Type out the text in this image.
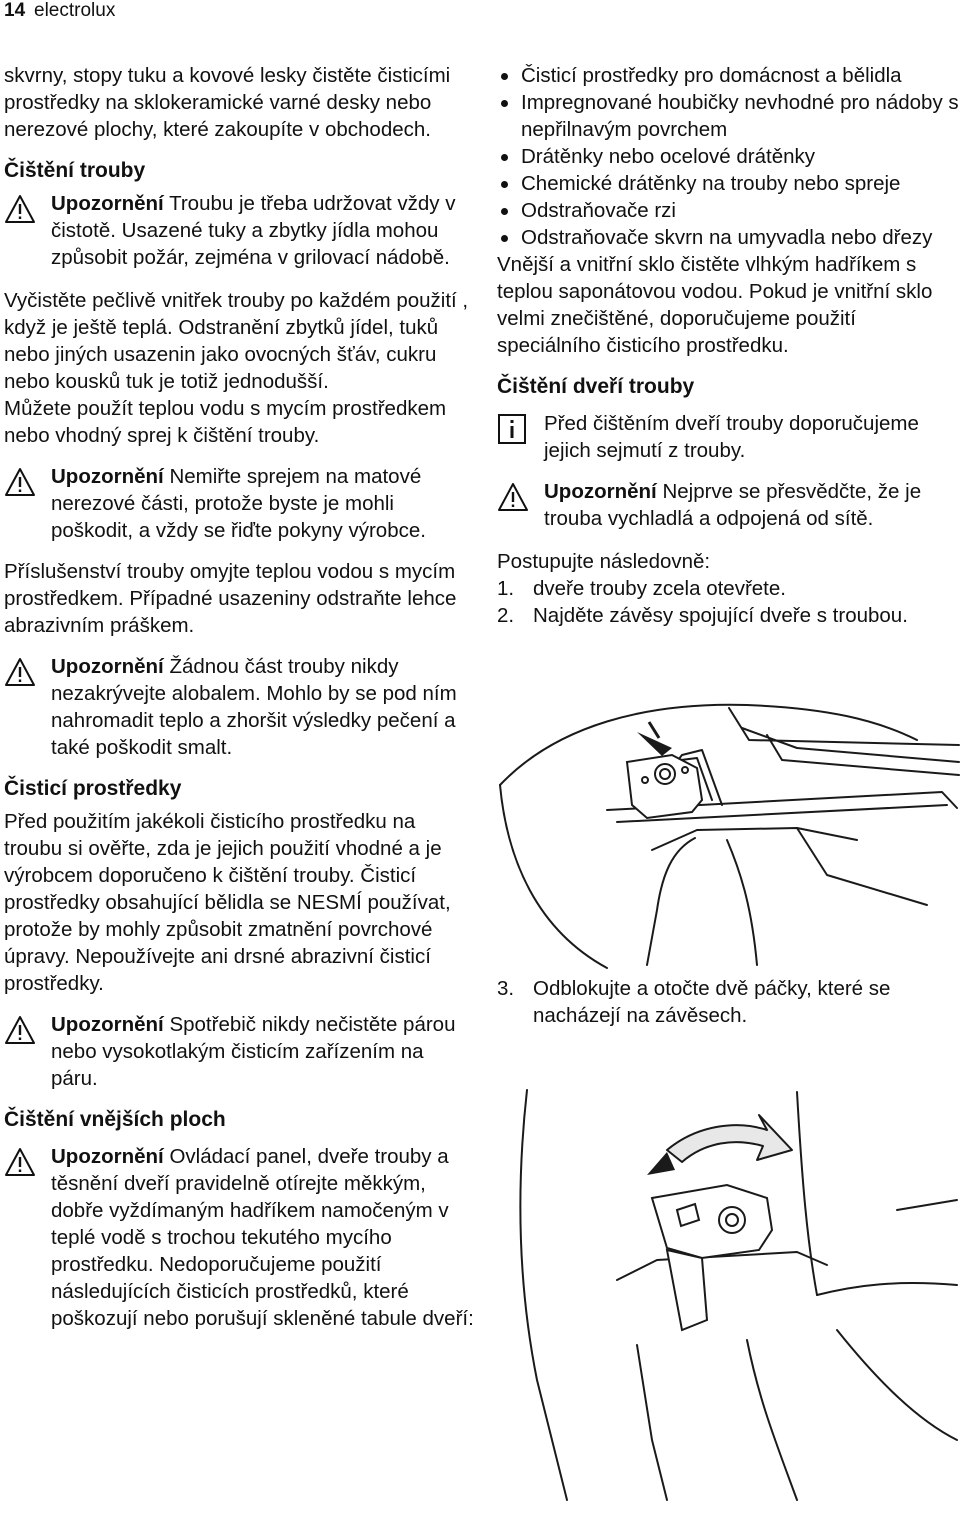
14 electrolux

skvrny, stopy tuku a kovové lesky čistěte čisticími prostředky na sklokeramické varné desky nebo nerezové plochy, které zakoupíte v obchodech.

Čištění trouby

Upozornění Troubu je třeba udržovat vždy v čistotě. Usazené tuky a zbytky jídla mohou způsobit požár, zejména v grilovací nádobě.

Vyčistěte pečlivě vnitřek trouby po každém použití , když je ještě teplá. Odstranění zbytků jídel, tuků nebo jiných usazenin jako ovocných šťáv, cukru nebo kousků tuk je totiž jednodušší.

Můžete použít teplou vodu s mycím prostředkem nebo vhodný sprej k čištění trouby.

Upozornění Nemiřte sprejem na matové nerezové části, protože byste je mohli poškodit, a vždy se řiďte pokyny výrobce.

Příslušenství trouby omyjte teplou vodou s mycím prostředkem. Případné usazeniny odstraňte lehce abrazivním práškem.

Upozornění Žádnou část trouby nikdy nezakrývejte alobalem. Mohlo by se pod ním nahromadit teplo a zhoršit výsledky pečení a také poškodit smalt.

Čisticí prostředky

Před použitím jakékoli čisticího prostředku na troubu si ověřte, zda je jejich použití vhodné a je výrobcem doporučeno k čištění trouby. Čisticí prostředky obsahující bělidla se NESMÍ používat, protože by mohly způsobit zmatnění povrchové úpravy. Nepoužívejte ani drsné abrazivní čisticí prostředky.

Upozornění Spotřebič nikdy nečistěte párou nebo vysokotlakým čisticím zařízením na páru.

Čištění vnějších ploch

Upozornění Ovládací panel, dveře trouby a těsnění dveří pravidelně otírejte měkkým, dobře vyždímaným hadříkem namočeným v teplé vodě s trochou tekutého mycího prostředku. Nedoporučujeme použití následujících čisticích prostředků, které poškozují nebo porušují skleněné tabule dveří:

Čisticí prostředky pro domácnost a bělidla
Impregnované houbičky nevhodné pro nádoby s nepřilnavým povrchem
Drátěnky nebo ocelové drátěnky
Chemické drátěnky na trouby nebo spreje
Odstraňovače rzi
Odstraňovače skvrn na umyvadla nebo dřezy

Vnější a vnitřní sklo čistěte vlhkým hadříkem s teplou saponátovou vodou. Pokud je vnitřní sklo velmi znečištěné, doporučujeme použití speciálního čisticího prostředku.

Čištění dveří trouby

Před čištěním dveří trouby doporučujeme jejich sejmutí z trouby.

Upozornění Nejprve se přesvědčte, že je trouba vychladlá a odpojená od sítě.

Postupujte následovně:

1. dveře trouby zcela otevřete.
2. Najděte závěsy spojující dveře s troubou.
3. Odblokujte a otočte dvě páčky, které se nacházejí na závěsech.
